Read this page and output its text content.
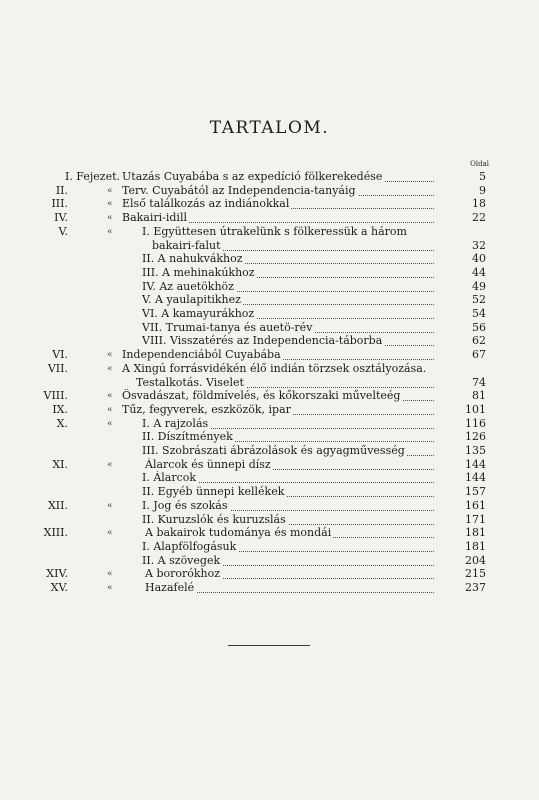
TARTALOM.
Oldal
I. Fejezet. Utazás Cuyabába s az expedíció fölkerekedése	5
II.	« Terv. Cuyabától az Independencia-tanyáig	9
III.	« Első találkozás az indiánokkal	18
IV.	« Bakairi-idill	22
V.	«	I. Együttesen útrakelünk s fölkeressük a három
bakairi-falut	32
II. A nahukvákhoz	40
III. A mehinakúkhoz	44
IV. Az auetökhöz	49
V. A yaulapitikhez	52
VI. A kamayurákhoz	54
VII. Trumai-tanya és auetö-rév	56
VIII. Visszatérés az Independencia-táborba	62
VI.	« Independenciából Cuyabába	67
VII.	« A Xingú forrásvidékén élő indián törzsek osztályozása.
Testalkotás. Viselet	74
VIII.	« Ösvadászat, földmívelés, és kőkorszaki művelteég	81
IX.	« Tűz, fegyverek, eszközök, ipar	101
X.	«	I. A rajzolás	116
II. Díszítmények	126
III. Szobrászati ábrázolások és agyagművesség	135
XI.	«	Álarcok és ünnepi dísz	144
I. Álarcok	144
II. Egyéb ünnepi kellékek	157
XII.	«	I. Jog és szokás	161
II. Kuruzslók és kuruzslás	171
XIII.	«	A bakairok tudománya és mondái	181
I. Alapfölfogásuk	181
II. A szövegek	204
XIV.	«	A bororókhoz	215
XV.	«	Hazafelé	237
